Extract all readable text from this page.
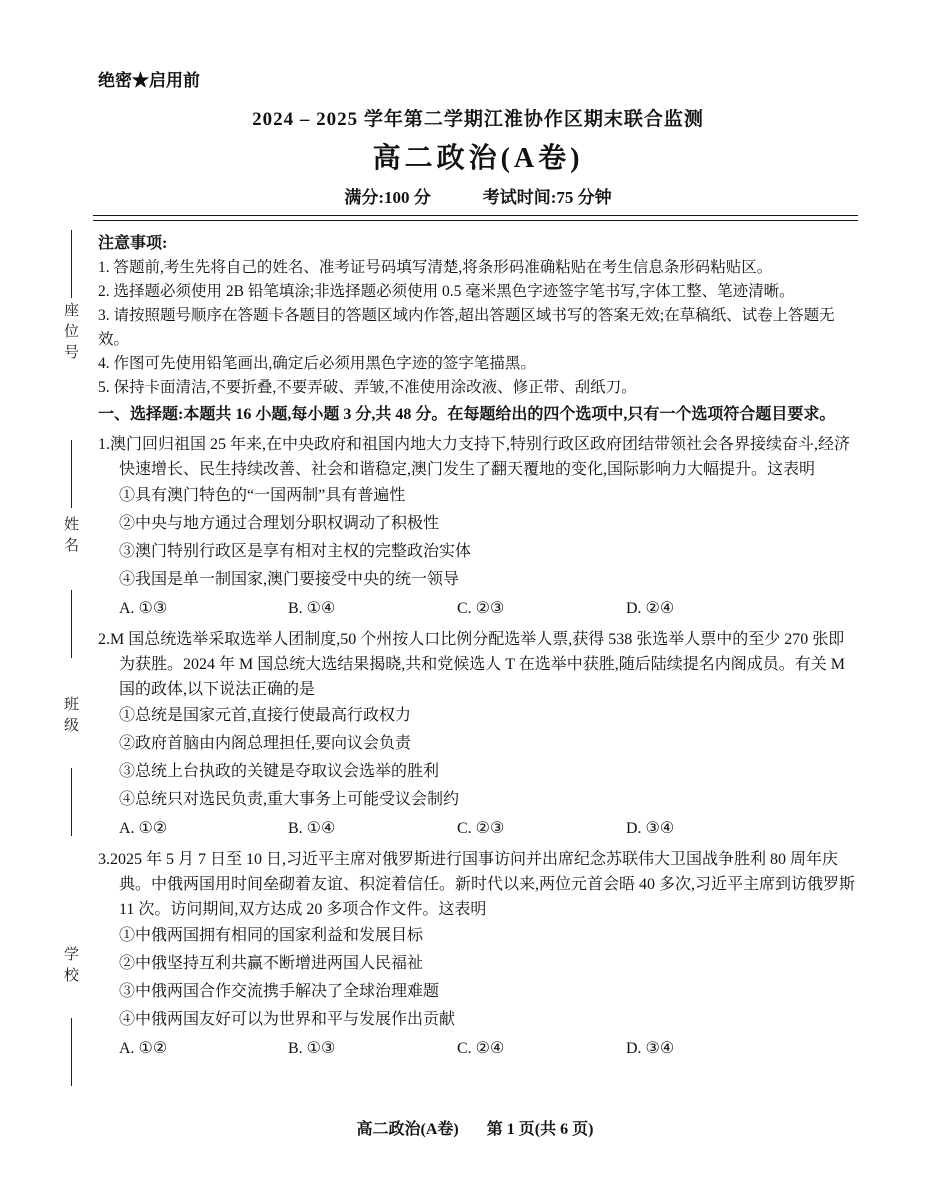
座位号
姓名
班级
学校
绝密★启用前
2024 – 2025 学年第二学期江淮协作区期末联合监测
高二政治(A卷)
满分:100 分	考试时间:75 分钟
注意事项:
1. 答题前,考生先将自己的姓名、准考证号码填写清楚,将条形码准确粘贴在考生信息条形码粘贴区。
2. 选择题必须使用 2B 铅笔填涂;非选择题必须使用 0.5 毫米黑色字迹签字笔书写,字体工整、笔迹清晰。
3. 请按照题号顺序在答题卡各题目的答题区域内作答,超出答题区域书写的答案无效;在草稿纸、试卷上答题无效。
4. 作图可先使用铅笔画出,确定后必须用黑色字迹的签字笔描黑。
5. 保持卡面清洁,不要折叠,不要弄破、弄皱,不准使用涂改液、修正带、刮纸刀。
一、选择题:本题共 16 小题,每小题 3 分,共 48 分。在每题给出的四个选项中,只有一个选项符合题目要求。
1.澳门回归祖国 25 年来,在中央政府和祖国内地大力支持下,特别行政区政府团结带领社会各界接续奋斗,经济快速增长、民生持续改善、社会和谐稳定,澳门发生了翻天覆地的变化,国际影响力大幅提升。这表明
①具有澳门特色的“一国两制”具有普遍性
②中央与地方通过合理划分职权调动了积极性
③澳门特别行政区是享有相对主权的完整政治实体
④我国是单一制国家,澳门要接受中央的统一领导
A. ①③	B. ①④	C. ②③	D. ②④
2.M 国总统选举采取选举人团制度,50 个州按人口比例分配选举人票,获得 538 张选举人票中的至少 270 张即为获胜。2024 年 M 国总统大选结果揭晓,共和党候选人 T 在选举中获胜,随后陆续提名内阁成员。有关 M 国的政体,以下说法正确的是
①总统是国家元首,直接行使最高行政权力
②政府首脑由内阁总理担任,要向议会负责
③总统上台执政的关键是夺取议会选举的胜利
④总统只对选民负责,重大事务上可能受议会制约
A. ①②	B. ①④	C. ②③	D. ③④
3.2025 年 5 月 7 日至 10 日,习近平主席对俄罗斯进行国事访问并出席纪念苏联伟大卫国战争胜利 80 周年庆典。中俄两国用时间垒砌着友谊、积淀着信任。新时代以来,两位元首会晤 40 多次,习近平主席到访俄罗斯 11 次。访问期间,双方达成 20 多项合作文件。这表明
①中俄两国拥有相同的国家利益和发展目标
②中俄坚持互利共赢不断增进两国人民福祉
③中俄两国合作交流携手解决了全球治理难题
④中俄两国友好可以为世界和平与发展作出贡献
A. ①②	B. ①③	C. ②④	D. ③④
高二政治(A卷) 第 1 页(共 6 页)
